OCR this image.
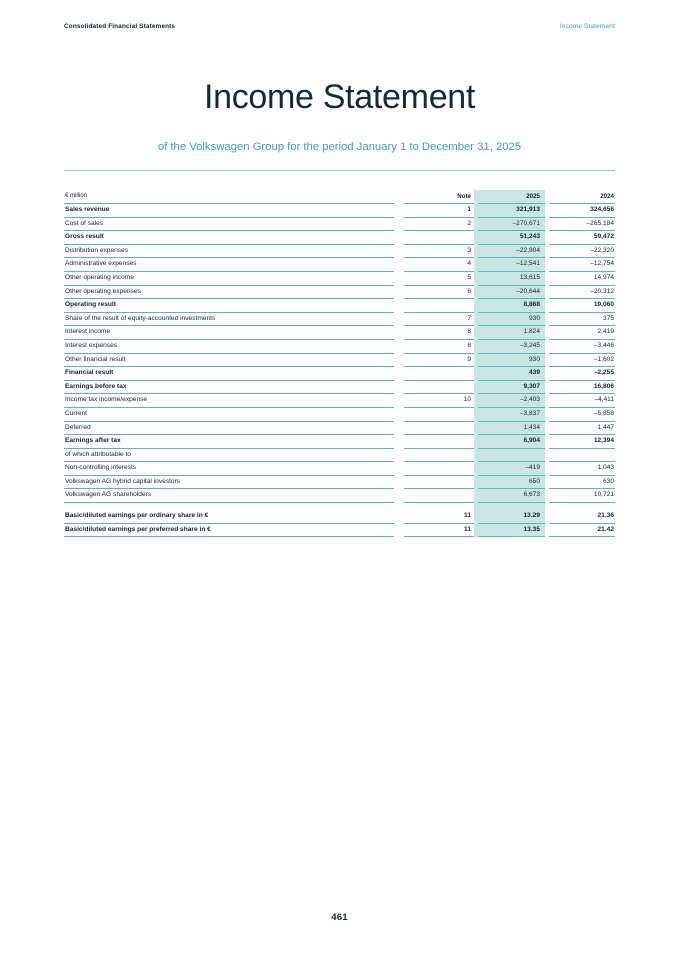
Consolidated Financial Statements	Income Statement
Income Statement
of the Volkswagen Group for the period January 1 to December 31, 2025
€ million	Note	2025	2024

Sales revenue	1	321,913	324,656

Cost of sales	2	–270,671	–265,184

Gross result		51,243	59,472

Distribution expenses	3	–22,804	–22,320

Administrative expenses	4	–12,541	–12,754

Other operating income	5	13,615	14,974

Other operating expenses	6	–20,644	–20,312

Operating result		8,868	19,060

Share of the result of equity-accounted investments	7	930	375

Interest income	8	1,824	2,419

Interest expenses	8	–3,245	–3,446

Other financial result	9	930	–1,602

Financial result		439	–2,255

Earnings before tax		9,307	16,806

Income tax income/expense	10	–2,403	–4,411

Current		–3,837	–5,858

Deferred		1,434	1,447

Earnings after tax		6,904	12,394

of which attributable to			

Non-controlling interests		–419	1,043

Volkswagen AG hybrid capital investors		650	630

Volkswagen AG shareholders		6,673	10,721

Basic/diluted earnings per ordinary share in €	11	13.29	21.36

Basic/diluted earnings per preferred share in €	11	13.35	21.42
461
